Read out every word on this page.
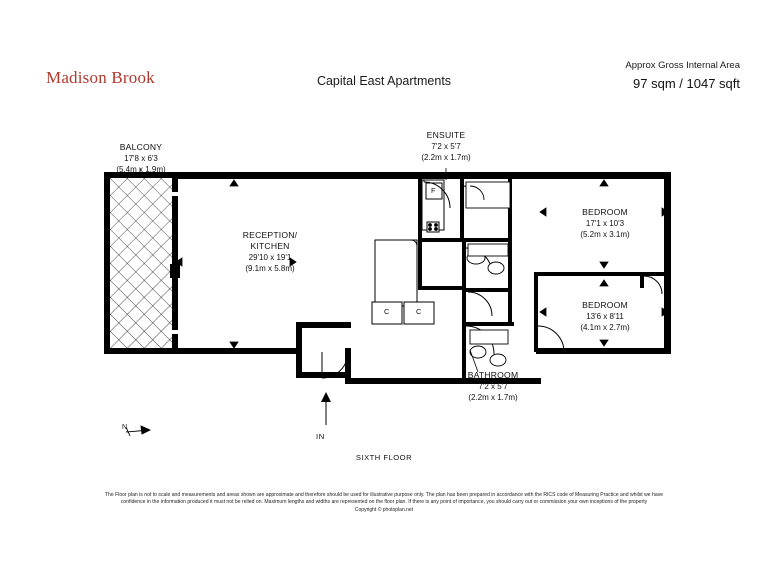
Madison Brook	Capital East Apartments
Approx Gross Internal Area
97 sqm / 1047 sqft
BALCONY
17'8 x 6'3
(5.4m x 1.9m)
RECEPTION/
KITCHEN
29'10 x 19'1
(9.1m x 5.8m)
ENSUITE
7'2 x 5'7
(2.2m x 1.7m)
BEDROOM
17'1 x 10'3
(5.2m x 3.1m)
BEDROOM
13'6 x 8'11
(4.1m x 2.7m)
BATHROOM
7'2 x 5'7
(2.2m x 1.7m)
F
C	C
N
IN
SIXTH FLOOR
The Floor plan is not to scale and measurements and areas shown are approximate and therefore should be used for illustrative purpose only. The plan has been prepared in accordance with the RICS code of Measuring Practice and whilst we have
confidence in the information produced it must not be relied on. Maximum lengths and widths are represented on the floor plan. If there is any point of importance, you should carry out or commission your own inceptions of the property
Copyright © photoplan.net
